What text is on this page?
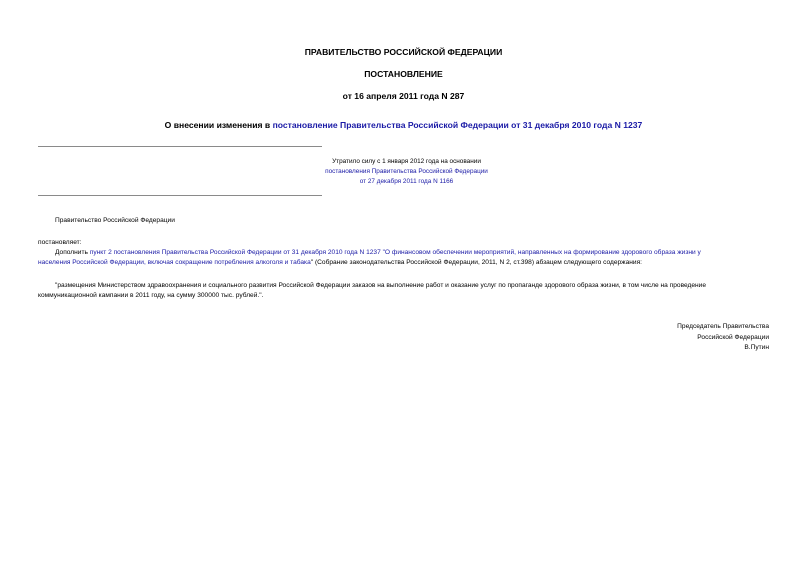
ПРАВИТЕЛЬСТВО РОССИЙСКОЙ ФЕДЕРАЦИИ
ПОСТАНОВЛЕНИЕ
от 16 апреля 2011 года N 287
О внесении изменения в постановление Правительства Российской Федерации от 31 декабря 2010 года N 1237
Утратило силу с 1 января 2012 года на основании
постановления Правительства Российской Федерации
от 27 декабря 2011 года N 1166
Правительство Российской Федерации
постановляет:
Дополнить пункт 2 постановления Правительства Российской Федерации от 31 декабря 2010 года N 1237 "О финансовом обеспечении мероприятий, направленных на формирование здорового образа жизни у
населения Российской Федерации, включая сокращение потребления алкоголя и табака" (Собрание законодательства Российской Федерации, 2011, N 2, ст.398) абзацем следующего содержания:
"размещения Министерством здравоохранения и социального развития Российской Федерации заказов на выполнение работ и оказание услуг по пропаганде здорового образа жизни, в том числе на проведение
коммуникационной кампании в 2011 году, на сумму 300000 тыс. рублей.".
Председатель Правительства
Российской Федерации
В.Путин
